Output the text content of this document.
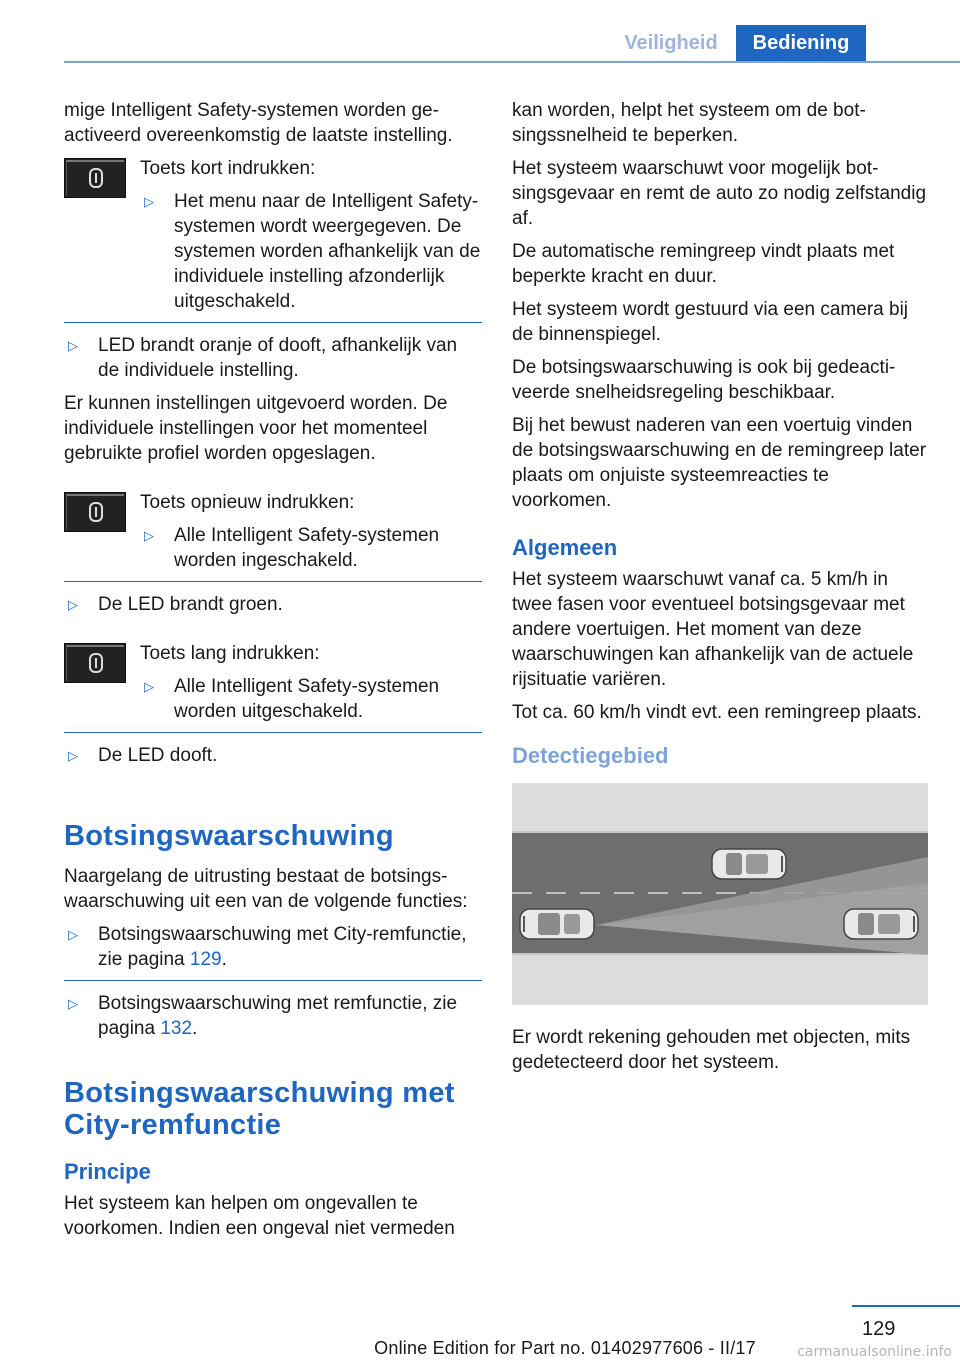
Veiligheid	Bediening

mige Intelligent Safety-systemen worden geactiveerd overeenkomstig de laatste instelling.

Toets kort indrukken:

▷ Het menu naar de Intelligent Safety-systemen wordt weergegeven. De systemen worden afhankelijk van de individuele instelling afzonderlijk uitgeschakeld.
▷ LED brandt oranje of dooft, afhankelijk van de individuele instelling.

Er kunnen instellingen uitgevoerd worden. De individuele instellingen voor het momenteel gebruikte profiel worden opgeslagen.

Toets opnieuw indrukken:

▷ Alle Intelligent Safety-systemen worden ingeschakeld.
▷ De LED brandt groen.

Toets lang indrukken:

▷ Alle Intelligent Safety-systemen worden uitgeschakeld.
▷ De LED dooft.
Botsingswaarschuwing

Naargelang de uitrusting bestaat de botsingswaarschuwing uit een van de volgende functies:

▷ Botsingswaarschuwing met City-remfunctie, zie pagina 129.
▷ Botsingswaarschuwing met remfunctie, zie pagina 132.
Botsingswaarschuwing met City-remfunctie
Principe

Het systeem kan helpen om ongevallen te voorkomen. Indien een ongeval niet vermeden

kan worden, helpt het systeem om de botsingssnelheid te beperken.

Het systeem waarschuwt voor mogelijk botsingsgevaar en remt de auto zo nodig zelfstandig af.

De automatische remingreep vindt plaats met beperkte kracht en duur.

Het systeem wordt gestuurd via een camera bij de binnenspiegel.

De botsingswaarschuwing is ook bij gedeactiveerde snelheidsregeling beschikbaar.

Bij het bewust naderen van een voertuig vinden de botsingswaarschuwing en de remingreep later plaats om onjuiste systeemreacties te voorkomen.

Algemeen

Het systeem waarschuwt vanaf ca. 5 km/h in twee fasen voor eventueel botsingsgevaar met andere voertuigen. Het moment van deze waarschuwingen kan afhankelijk van de actuele rijsituatie variëren.

Tot ca. 60 km/h vindt evt. een remingreep plaats.

Detectiegebied

Er wordt rekening gehouden met objecten, mits gedetecteerd door het systeem.

129
Online Edition for Part no. 01402977606 - II/17	carmanualsonline.info
